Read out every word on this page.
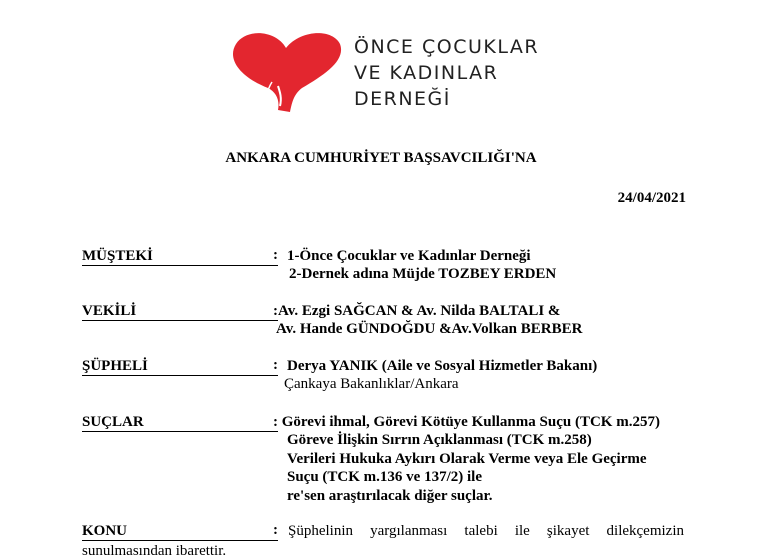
ÖNCE ÇOCUKLAR
VE KADINLAR
DERNEĞİ
ANKARA CUMHURİYET BAŞSAVCILIĞI'NA
24/04/2021
MÜŞTEKİ	: 1-Önce Çocuklar ve Kadınlar Derneği
2-Dernek adına Müjde TOZBEY ERDEN
VEKİLİ	:Av. Ezgi SAĞCAN & Av. Nilda BALTALI &
Av. Hande GÜNDOĞDU &Av.Volkan BERBER
ŞÜPHELİ	: Derya YANIK (Aile ve Sosyal Hizmetler Bakanı)
Çankaya Bakanlıklar/Ankara
SUÇLAR	: Görevi ihmal, Görevi Kötüye Kullanma Suçu (TCK m.257)
Göreve İlişkin Sırrın Açıklanması (TCK m.258)
Verileri Hukuka Aykırı Olarak Verme veya Ele Geçirme
Suçu (TCK m.136 ve 137/2) ile
re'sen araştırılacak diğer suçlar.
KONU	: Şüphelinin yargılanması talebi ile şikayet dilekçemizin
sunulmasından ibarettir.
